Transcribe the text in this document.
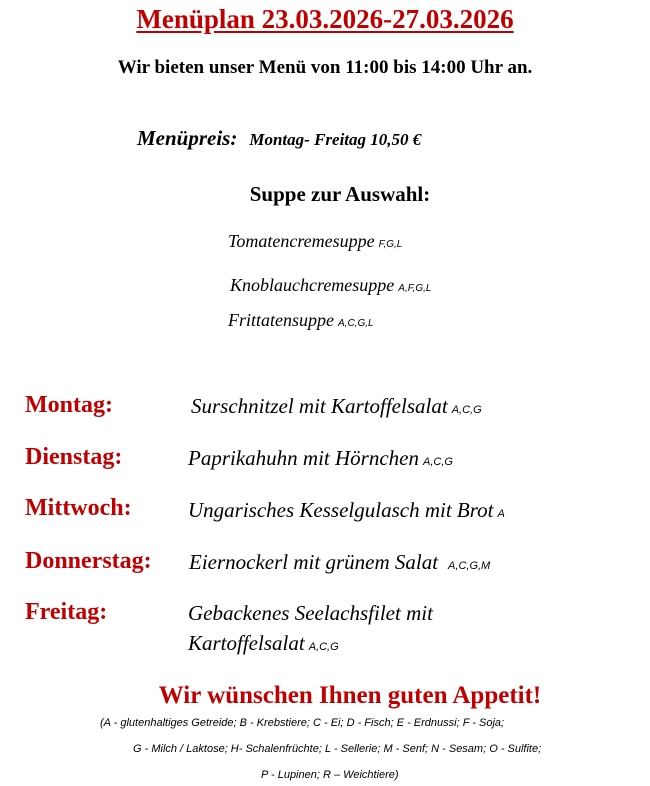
Menüplan 23.03.2026-27.03.2026
Wir bieten unser Menü von 11:00 bis 14:00 Uhr an.
Menüpreis: Montag- Freitag 10,50 €
Suppe zur Auswahl:
Tomatencremesuppe F,G,L
Knoblauchcremesuppe A,F,G,L
Frittatensuppe A,C,G,L
Montag:	Surschnitzel mit Kartoffelsalat A,C,G
Dienstag:	Paprikahuhn mit Hörnchen A,C,G
Mittwoch:	Ungarisches Kesselgulasch mit Brot A
Donnerstag: Eiernockerl mit grünem Salat A,C,G,M
Freitag:	Gebackenes Seelachsfilet mit
Kartoffelsalat A,C,G
Wir wünschen Ihnen guten Appetit!
(A - glutenhaltiges Getreide; B - Krebstiere; C - Ei; D - Fisch; E - Erdnussi; F - Soja;
G - Milch / Laktose; H- Schalenfrüchte; L - Sellerie; M - Senf; N - Sesam; O - Sulfite;
P - Lupinen; R – Weichtiere)
